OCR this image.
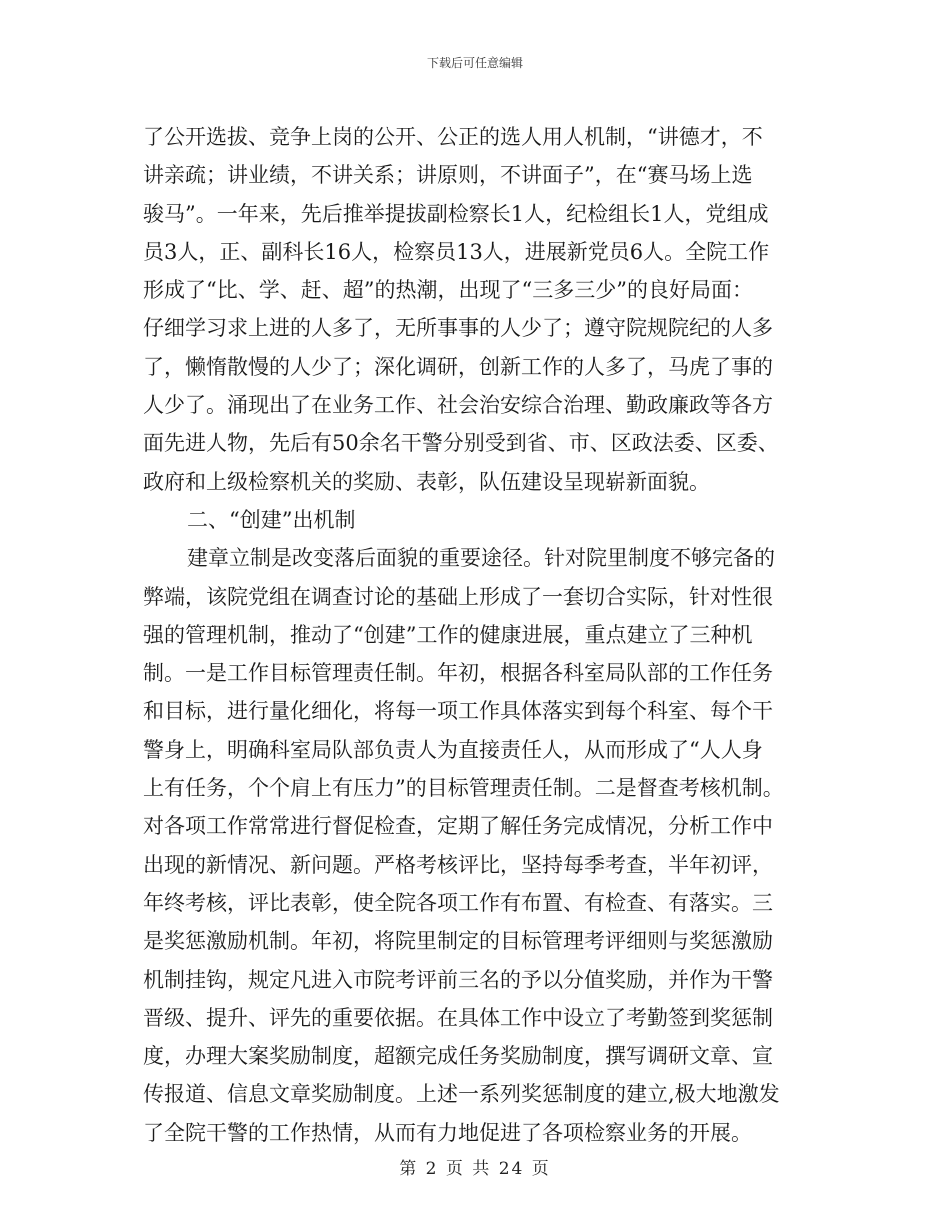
下载后可任意编辑
了公开选拔、竞争上岗的公开、公正的选人用人机制，“讲德才，不
讲亲疏；讲业绩，不讲关系；讲原则，不讲面子”，在“赛马场上选
骏马”。一年来，先后推举提拔副检察长1人，纪检组长1人，党组成
员3人，正、副科长16人，检察员13人，进展新党员6人。全院工作
形成了“比、学、赶、超”的热潮，出现了“三多三少”的良好局面：
仔细学习求上进的人多了，无所事事的人少了；遵守院规院纪的人多
了，懒惰散慢的人少了；深化调研，创新工作的人多了，马虎了事的
人少了。涌现出了在业务工作、社会治安综合治理、勤政廉政等各方
面先进人物，先后有50余名干警分别受到省、市、区政法委、区委、
政府和上级检察机关的奖励、表彰，队伍建设呈现崭新面貌。
二、“创建”出机制
建章立制是改变落后面貌的重要途径。针对院里制度不够完备的
弊端，该院党组在调查讨论的基础上形成了一套切合实际，针对性很
强的管理机制，推动了“创建”工作的健康进展，重点建立了三种机
制。一是工作目标管理责任制。年初，根据各科室局队部的工作任务
和目标，进行量化细化，将每一项工作具体落实到每个科室、每个干
警身上，明确科室局队部负责人为直接责任人，从而形成了“人人身
上有任务，个个肩上有压力”的目标管理责任制。二是督查考核机制。
对各项工作常常进行督促检查，定期了解任务完成情况，分析工作中
出现的新情况、新问题。严格考核评比，坚持每季考查，半年初评，
年终考核，评比表彰，使全院各项工作有布置、有检查、有落实。三
是奖惩激励机制。年初，将院里制定的目标管理考评细则与奖惩激励
机制挂钩，规定凡进入市院考评前三名的予以分值奖励，并作为干警
晋级、提升、评先的重要依据。在具体工作中设立了考勤签到奖惩制
度，办理大案奖励制度，超额完成任务奖励制度，撰写调研文章、宣
传报道、信息文章奖励制度。上述一系列奖惩制度的建立,极大地激发
了全院干警的工作热情，从而有力地促进了各项检察业务的开展。
第 2 页 共 24 页
